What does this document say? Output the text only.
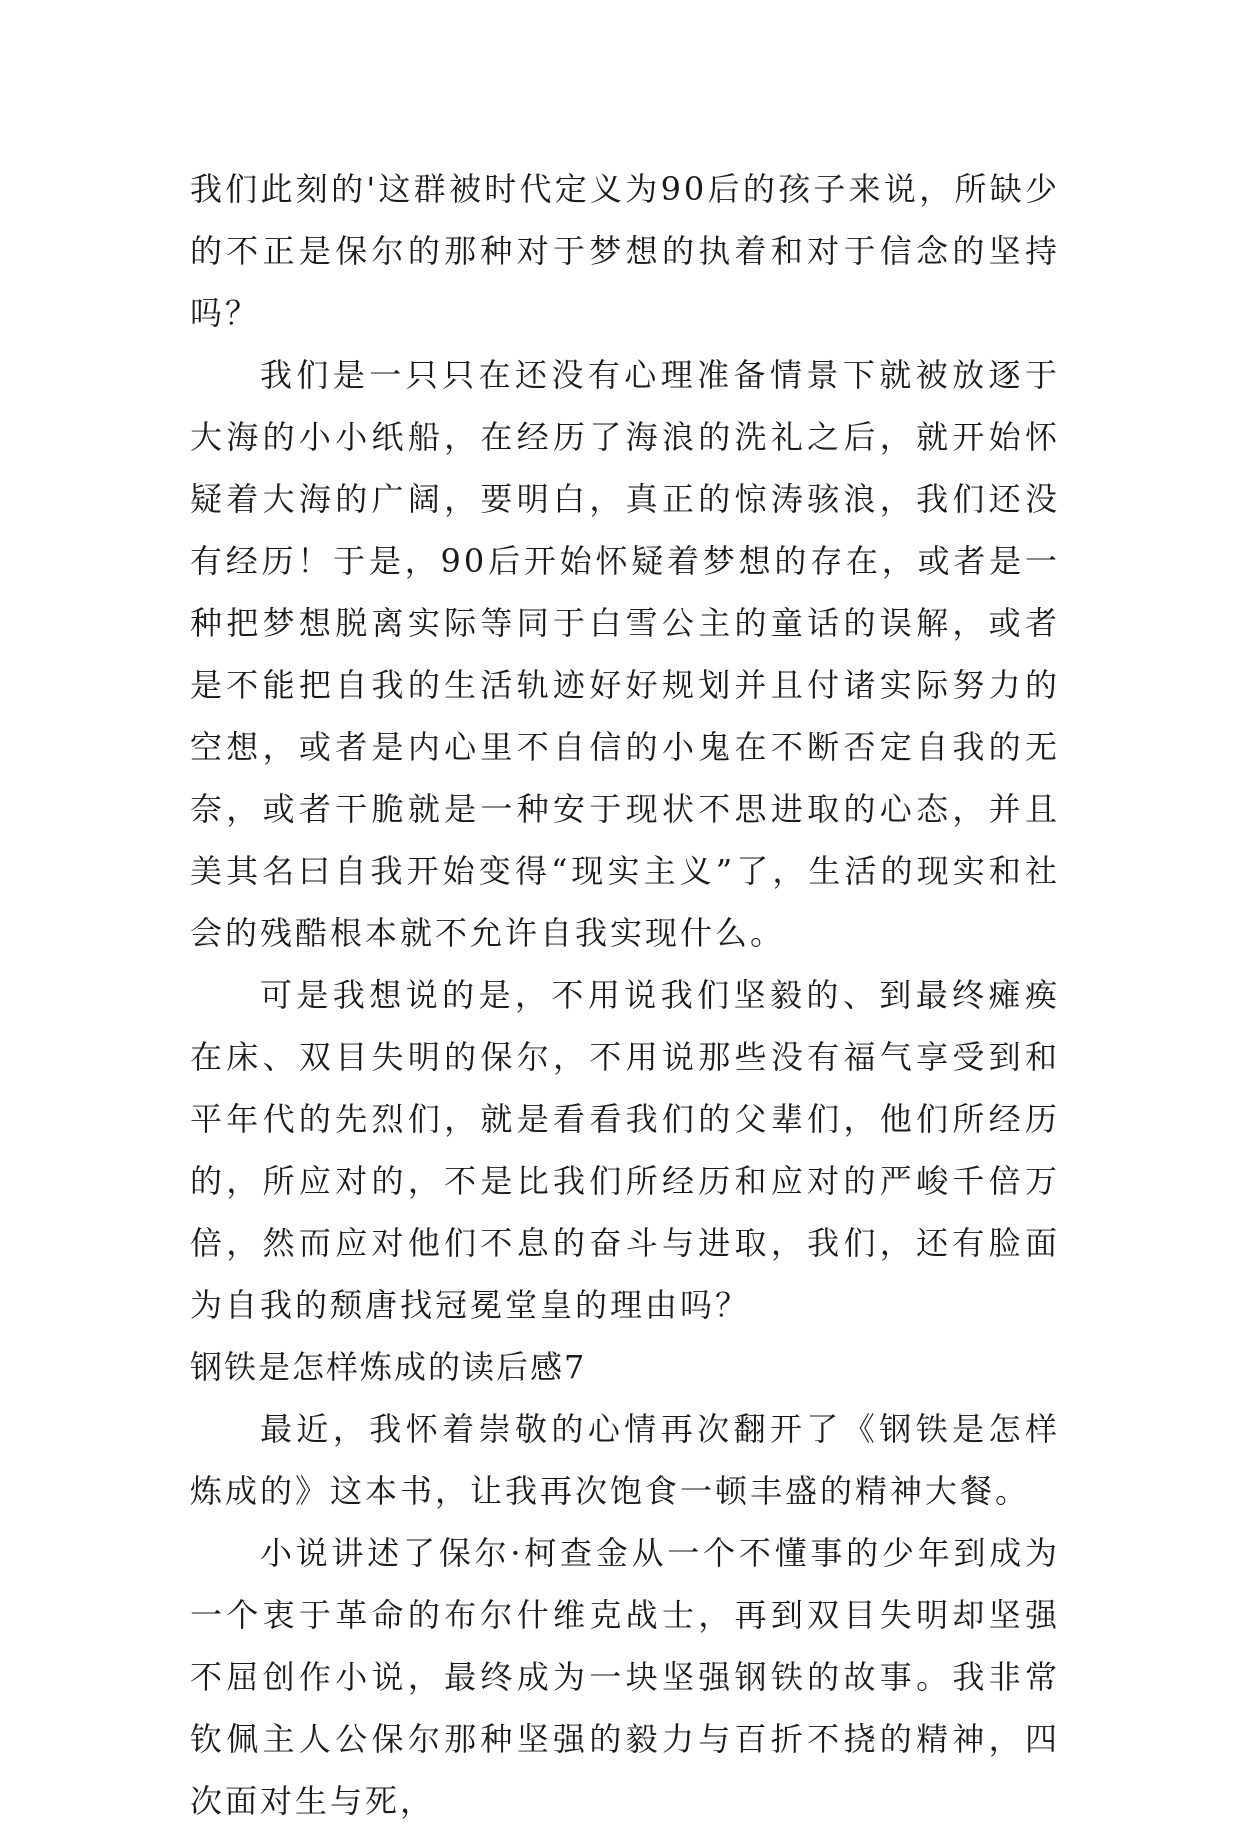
我们此刻的'这群被时代定义为90后的孩子来说，所缺少的不正是保尔的那种对于梦想的执着和对于信念的坚持吗？

我们是一只只在还没有心理准备情景下就被放逐于大海的小小纸船，在经历了海浪的洗礼之后，就开始怀疑着大海的广阔，要明白，真正的惊涛骇浪，我们还没有经历！于是，90后开始怀疑着梦想的存在，或者是一种把梦想脱离实际等同于白雪公主的童话的误解，或者是不能把自我的生活轨迹好好规划并且付诸实际努力的空想，或者是内心里不自信的小鬼在不断否定自我的无奈，或者干脆就是一种安于现状不思进取的心态，并且美其名曰自我开始变得“现实主义”了，生活的现实和社会的残酷根本就不允许自我实现什么。

可是我想说的是，不用说我们坚毅的、到最终瘫痪在床、双目失明的保尔，不用说那些没有福气享受到和平年代的先烈们，就是看看我们的父辈们，他们所经历的，所应对的，不是比我们所经历和应对的严峻千倍万倍，然而应对他们不息的奋斗与进取，我们，还有脸面为自我的颓唐找冠冕堂皇的理由吗？

钢铁是怎样炼成的读后感7

最近，我怀着崇敬的心情再次翻开了《钢铁是怎样炼成的》这本书，让我再次饱食一顿丰盛的精神大餐。

小说讲述了保尔·柯查金从一个不懂事的少年到成为一个衷于革命的布尔什维克战士，再到双目失明却坚强不屈创作小说，最终成为一块坚强钢铁的故事。我非常钦佩主人公保尔那种坚强的毅力与百折不挠的精神，四次面对生与死，
